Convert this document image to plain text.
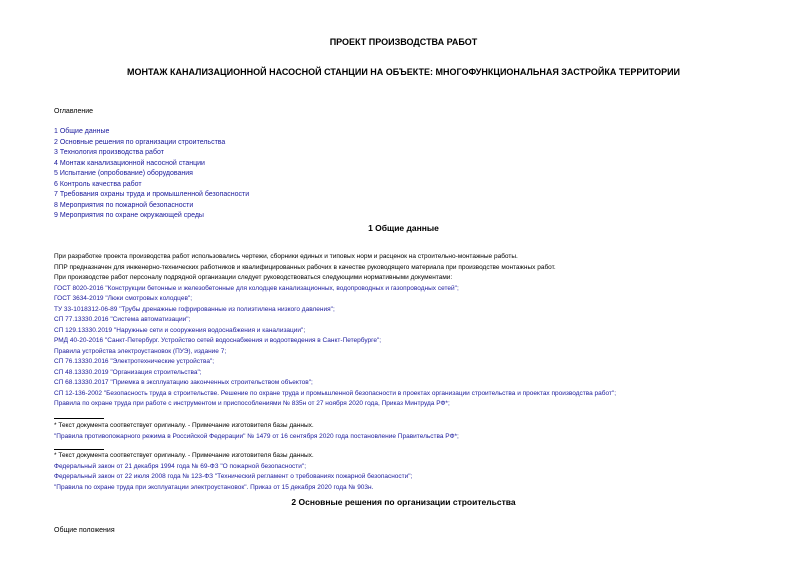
ПРОЕКТ ПРОИЗВОДСТВА РАБОТ
МОНТАЖ КАНАЛИЗАЦИОННОЙ НАСОСНОЙ СТАНЦИИ НА ОБЪЕКТЕ: МНОГОФУНКЦИОНАЛЬНАЯ ЗАСТРОЙКА ТЕРРИТОРИИ
Оглавление
1 Общие данные
2 Основные решения по организации строительства
3 Технология производства работ
4 Монтаж канализационной насосной станции
5 Испытание (опробование) оборудования
6 Контроль качества работ
7 Требования охраны труда и промышленной безопасности
8 Мероприятия по пожарной безопасности
9 Мероприятия по охране окружающей среды
1 Общие данные
При разработке проекта производства работ использовались чертежи, сборники единых и типовых норм и расценок на строительно-монтажные работы.
ППР предназначен для инженерно-технических работников и квалифицированных рабочих в качестве руководящего материала при производстве монтажных работ.
При производстве работ персоналу подрядной организации следует руководствоваться следующими нормативными документами:
ГОСТ 8020-2016 "Конструкции бетонные и железобетонные для колодцев канализационных, водопроводных и газопроводных сетей";
ГОСТ 3634-2019 "Люки смотровых колодцев";
ТУ 33-1018312-06-89 "Трубы дренажные гофрированные из полиэтилена низкого давления";
СП 77.13330.2016 "Система автоматизации";
СП 129.13330.2019 "Наружные сети и сооружения водоснабжения и канализации";
РМД 40-20-2016 "Санкт-Петербург. Устройство сетей водоснабжения и водоотведения в Санкт-Петербурге";
Правила устройства электроустановок (ПУЭ), издание 7;
СП 76.13330.2016 "Электротехнические устройства";
СП 48.13330.2019 "Организация строительства";
СП 68.13330.2017 "Приемка в эксплуатацию законченных строительством объектов";
СП 12-136-2002 "Безопасность труда в строительстве. Решение по охране труда и промышленной безопасности в проектах организации строительства и проектах производства работ";
Правила по охране труда при работе с инструментом и приспособлениями № 835н от 27 ноября 2020 года, Приказ Минтруда РФ*;
* Текст документа соответствует оригиналу. - Примечание изготовителя базы данных.
"Правила противопожарного режима в Российской Федерации" № 1479 от 16 сентября 2020 года постановление Правительства РФ*;
* Текст документа соответствует оригиналу. - Примечание изготовителя базы данных.
Федеральный закон от 21 декабря 1994 года № 69-ФЗ "О пожарной безопасности";
Федеральный закон от 22 июля 2008 года № 123-ФЗ "Технический регламент о требованиях пожарной безопасности";
"Правила по охране труда при эксплуатации электроустановок". Приказ от 15 декабря 2020 года № 903н.
2 Основные решения по организации строительства
Общие положения
